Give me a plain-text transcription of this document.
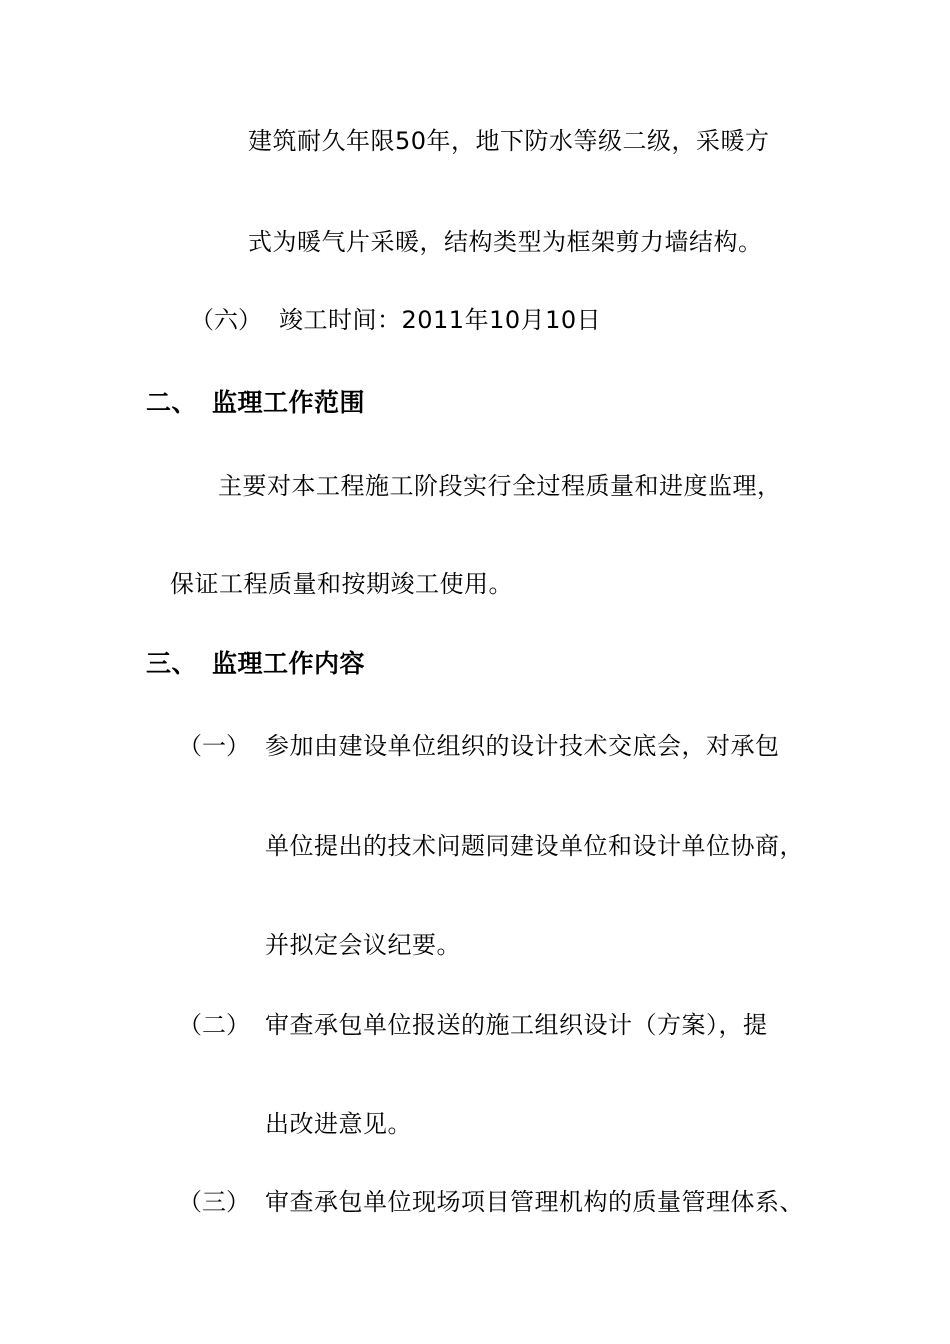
建筑耐久年限50年，地下防水等级二级，采暖方
式为暖气片采暖，结构类型为框架剪力墙结构。
（六） 竣工时间：2011年10月10日
二、 监理工作范围
主要对本工程施工阶段实行全过程质量和进度监理，
保证工程质量和按期竣工使用。
三、 监理工作内容
（一） 参加由建设单位组织的设计技术交底会，对承包
单位提出的技术问题同建设单位和设计单位协商，
并拟定会议纪要。
（二） 审查承包单位报送的施工组织设计（方案），提
出改进意见。
（三） 审查承包单位现场项目管理机构的质量管理体系、
